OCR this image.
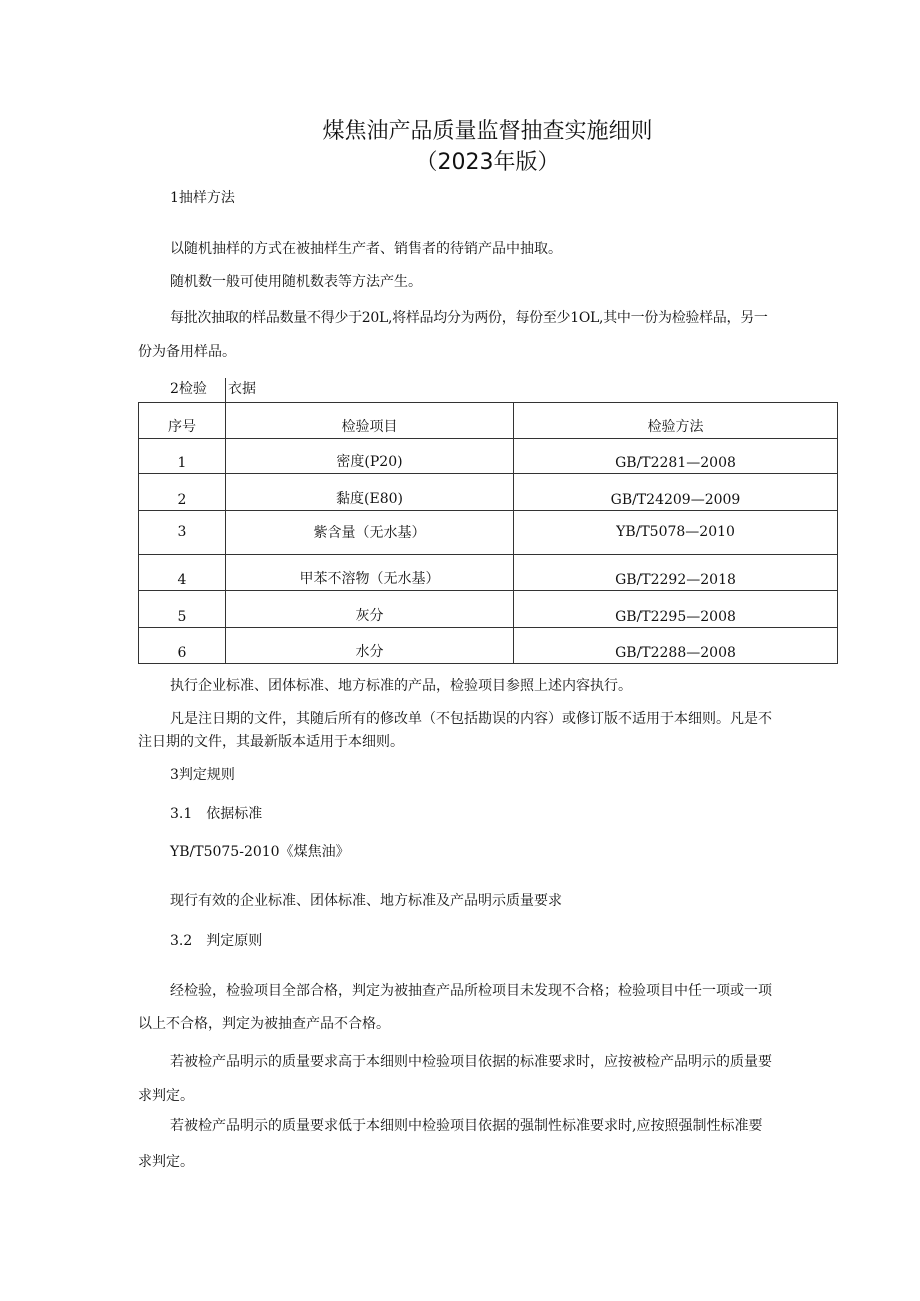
煤焦油产品质量监督抽查实施细则
（2023年版）
1抽样方法
以随机抽样的方式在被抽样生产者、销售者的待销产品中抽取。
随机数一般可使用随机数表等方法产生。
每批次抽取的样品数量不得少于20L,将样品均分为两份，每份至少1OL,其中一份为检验样品，另一
份为备用样品。
2检验 衣据
序号	检验项目	检验方法
1	密度(P20)	GB/T2281—2008
2	黏度(E80)	GB/T24209—2009
3	紫含量（无水基）	YB/T5078—2010
4	甲苯不溶物（无水基）	GB/T2292—2018
5	灰分	GB/T2295—2008
6	水分	GB/T2288—2008
执行企业标准、团体标准、地方标准的产品，检验项目参照上述内容执行。
凡是注日期的文件，其随后所有的修改单（不包括勘误的内容）或修订版不适用于本细则。凡是不
注日期的文件，其最新版本适用于本细则。
3判定规则
3.1　依据标准
YB/T5075-2010《煤焦油》
现行有效的企业标准、团体标准、地方标准及产品明示质量要求
3.2　判定原则
经检验，检验项目全部合格，判定为被抽查产品所检项目未发现不合格；检验项目中任一项或一项
以上不合格，判定为被抽查产品不合格。
若被检产品明示的质量要求高于本细则中检验项目依据的标准要求时，应按被检产品明示的质量要
求判定。
若被检产品明示的质量要求低于本细则中检验项目依据的强制性标准要求时,应按照强制性标准要
求判定。
